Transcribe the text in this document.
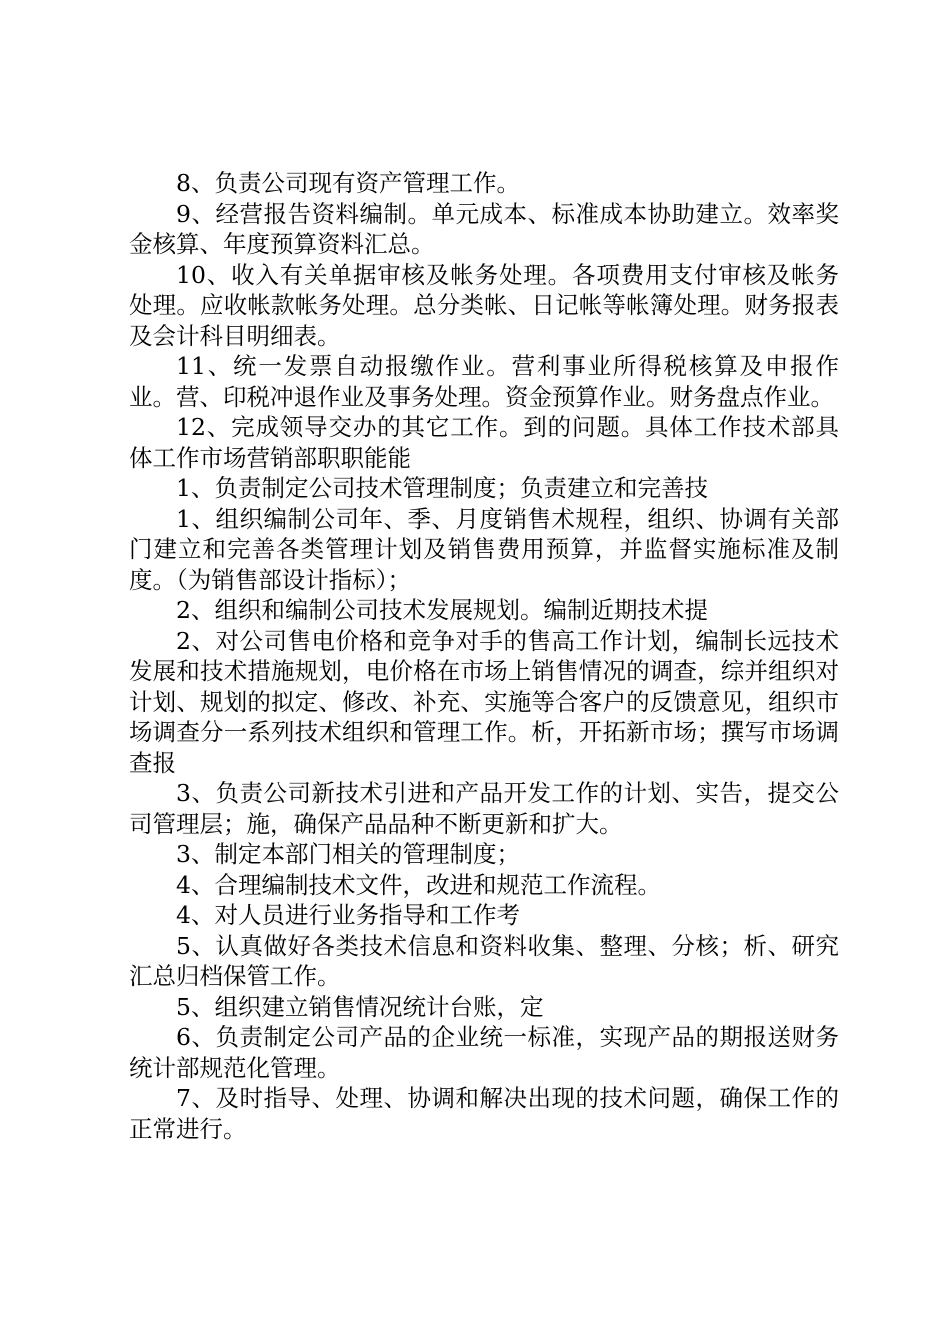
8、负责公司现有资产管理工作。

9、经营报告资料编制。单元成本、标准成本协助建立。效率奖金核算、年度预算资料汇总。

10、收入有关单据审核及帐务处理。各项费用支付审核及帐务处理。应收帐款帐务处理。总分类帐、日记帐等帐簿处理。财务报表及会计科目明细表。

11、统一发票自动报缴作业。营利事业所得税核算及申报作业。营、印税冲退作业及事务处理。资金预算作业。财务盘点作业。

12、完成领导交办的其它工作。到的问题。具体工作技术部具体工作市场营销部职职能能

1、负责制定公司技术管理制度；负责建立和完善技

1、组织编制公司年、季、月度销售术规程，组织、协调有关部门建立和完善各类管理计划及销售费用预算，并监督实施标准及制度。（为销售部设计指标）；

2、组织和编制公司技术发展规划。编制近期技术提

2、对公司售电价格和竞争对手的售高工作计划，编制长远技术发展和技术措施规划，电价格在市场上销售情况的调查，综并组织对计划、规划的拟定、修改、补充、实施等合客户的反馈意见，组织市场调查分一系列技术组织和管理工作。析，开拓新市场；撰写市场调查报

3、负责公司新技术引进和产品开发工作的计划、实告，提交公司管理层；施，确保产品品种不断更新和扩大。

3、制定本部门相关的管理制度；

4、合理编制技术文件，改进和规范工作流程。

4、对人员进行业务指导和工作考

5、认真做好各类技术信息和资料收集、整理、分核；析、研究汇总归档保管工作。

5、组织建立销售情况统计台账，定

6、负责制定公司产品的企业统一标准，实现产品的期报送财务统计部规范化管理。

7、及时指导、处理、协调和解决出现的技术问题，确保工作的正常进行。
